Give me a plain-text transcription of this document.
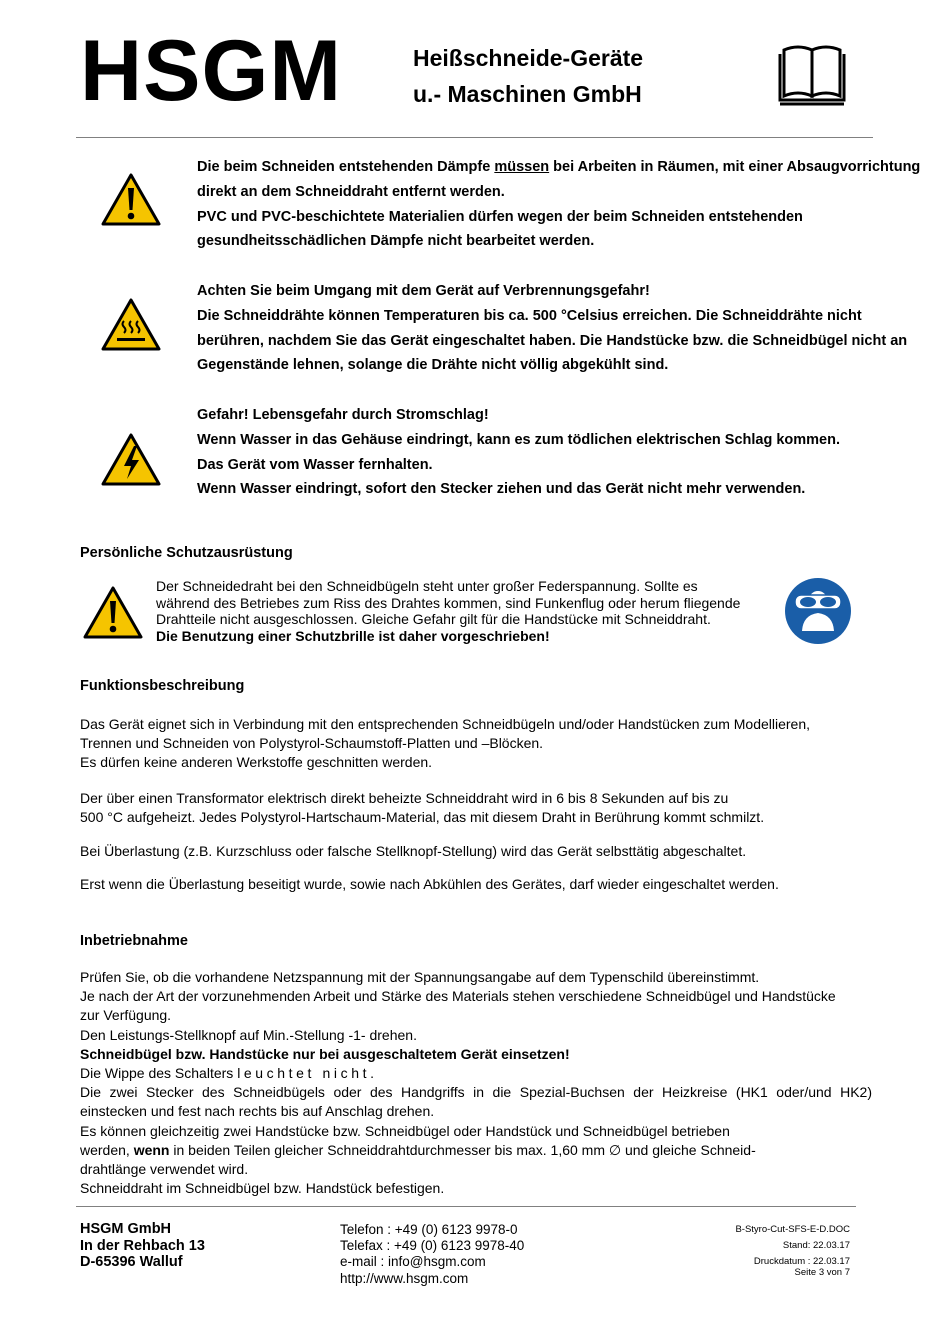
HSGM	Heißschneide-Geräte
u.- Maschinen GmbH
Die beim Schneiden entstehenden Dämpfe müssen bei Arbeiten in Räumen, mit einer Absaugvorrichtung
direkt an dem Schneiddraht entfernt werden.
PVC und PVC-beschichtete Materialien dürfen wegen der beim Schneiden entstehenden
gesundheitsschädlichen Dämpfe nicht bearbeitet werden.
Achten Sie beim Umgang mit dem Gerät auf Verbrennungsgefahr!
Die Schneiddrähte können Temperaturen bis ca. 500 °Celsius erreichen. Die Schneiddrähte nicht
berühren, nachdem Sie das Gerät eingeschaltet haben. Die Handstücke bzw. die Schneidbügel nicht an
Gegenstände lehnen, solange die Drähte nicht völlig abgekühlt sind.
Gefahr! Lebensgefahr durch Stromschlag!
Wenn Wasser in das Gehäuse eindringt, kann es zum tödlichen elektrischen Schlag kommen.
Das Gerät vom Wasser fernhalten.
Wenn Wasser eindringt, sofort den Stecker ziehen und das Gerät nicht mehr verwenden.
Persönliche Schutzausrüstung
Der Schneidedraht bei den Schneidbügeln steht unter großer Federspannung. Sollte es
während des Betriebes zum Riss des Drahtes kommen, sind Funkenflug oder herum fliegende
Drahtteile nicht ausgeschlossen. Gleiche Gefahr gilt für die Handstücke mit Schneiddraht.
Die Benutzung einer Schutzbrille ist daher vorgeschrieben!
Funktionsbeschreibung
Das Gerät eignet sich in Verbindung mit den entsprechenden Schneidbügeln und/oder Handstücken zum Modellieren,
Trennen und Schneiden von Polystyrol-Schaumstoff-Platten und –Blöcken.
Es dürfen keine anderen Werkstoffe geschnitten werden.
Der über einen Transformator elektrisch direkt beheizte Schneiddraht wird in 6 bis 8 Sekunden auf bis zu
500 °C aufgeheizt. Jedes Polystyrol-Hartschaum-Material, das mit diesem Draht in Berührung kommt schmilzt.
Bei Überlastung (z.B. Kurzschluss oder falsche Stellknopf-Stellung) wird das Gerät selbsttätig abgeschaltet.
Erst wenn die Überlastung beseitigt wurde, sowie nach Abkühlen des Gerätes, darf wieder eingeschaltet werden.
Inbetriebnahme
Prüfen Sie, ob die vorhandene Netzspannung mit der Spannungsangabe auf dem Typenschild übereinstimmt.
Je nach der Art der vorzunehmenden Arbeit und Stärke des Materials stehen verschiedene Schneidbügel und Handstücke
zur Verfügung.
Den Leistungs-Stellknopf auf Min.-Stellung -1- drehen.
Schneidbügel bzw. Handstücke nur bei ausgeschaltetem Gerät einsetzen!
Die Wippe des Schalters leuchtet nicht.
Die zwei Stecker des Schneidbügels oder des Handgriffs in die Spezial-Buchsen der Heizkreise (HK1 oder/und HK2)
einstecken und fest nach rechts bis auf Anschlag drehen.
Es können gleichzeitig zwei Handstücke bzw. Schneidbügel oder Handstück und Schneidbügel betrieben
werden, wenn in beiden Teilen gleicher Schneiddrahtdurchmesser bis max. 1,60 mm ∅ und gleiche Schneid-
drahtlänge verwendet wird.
Schneiddraht im Schneidbügel bzw. Handstück befestigen.
HSGM GmbH
In der Rehbach 13
D-65396 Walluf
Telefon : +49 (0) 6123 9978-0
Telefax : +49 (0) 6123 9978-40
e-mail : info@hsgm.com
http://www.hsgm.com
B-Styro-Cut-SFS-E-D.DOC
Stand: 22.03.17
Druckdatum : 22.03.17
Seite 3 von 7
